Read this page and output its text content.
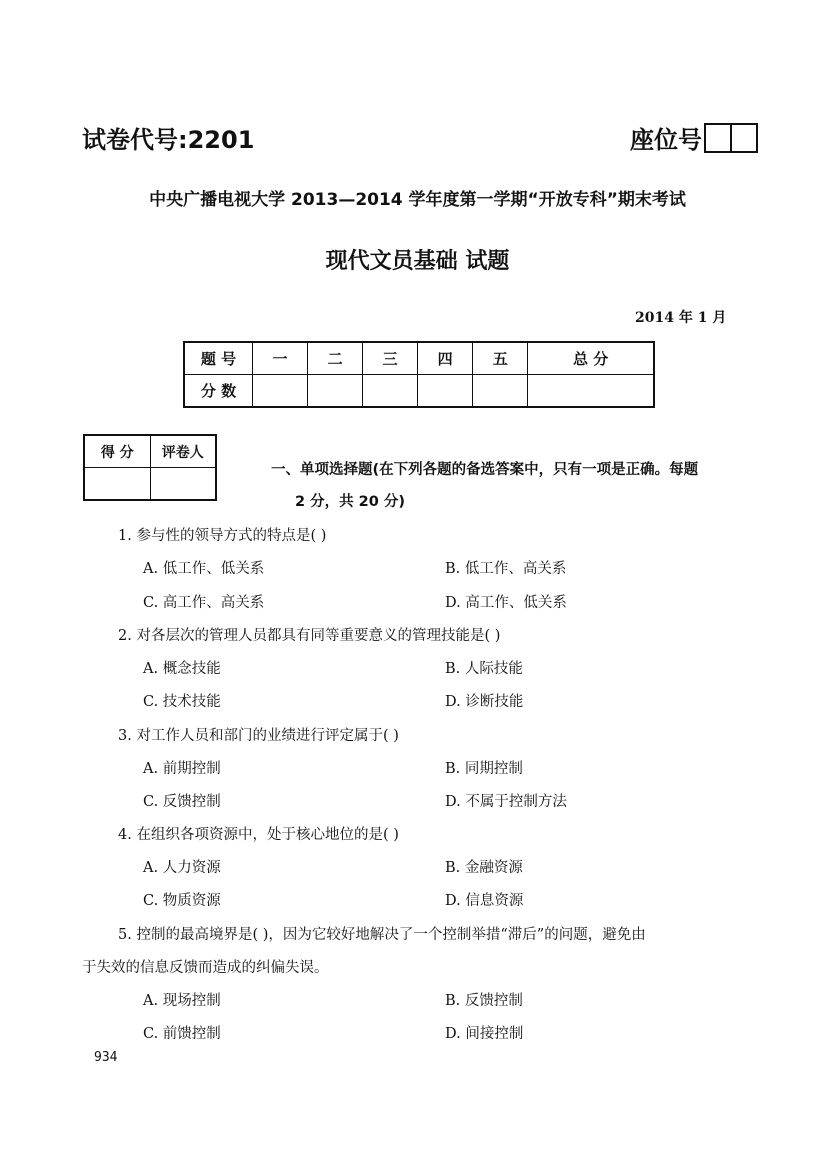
试卷代号:2201	座位号
中央广播电视大学 2013—2014 学年度第一学期“开放专科”期末考试
现代文员基础 试题
2014 年 1 月
题 号	一	二	三	四	五	总 分
分 数						
得 分	评卷人

一、单项选择题(在下列各题的备选答案中，只有一项是正确。每题
2 分，共 20 分)
1. 参与性的领导方式的特点是( )
A. 低工作、低关系	B. 低工作、高关系
C. 高工作、高关系	D. 高工作、低关系
2. 对各层次的管理人员都具有同等重要意义的管理技能是( )
A. 概念技能	B. 人际技能
C. 技术技能	D. 诊断技能
3. 对工作人员和部门的业绩进行评定属于( )
A. 前期控制	B. 同期控制
C. 反馈控制	D. 不属于控制方法
4. 在组织各项资源中，处于核心地位的是( )
A. 人力资源	B. 金融资源
C. 物质资源	D. 信息资源
5. 控制的最高境界是( )，因为它较好地解决了一个控制举措“滞后”的问题，避免由
于失效的信息反馈而造成的纠偏失误。
A. 现场控制	B. 反馈控制
C. 前馈控制	D. 间接控制
934
